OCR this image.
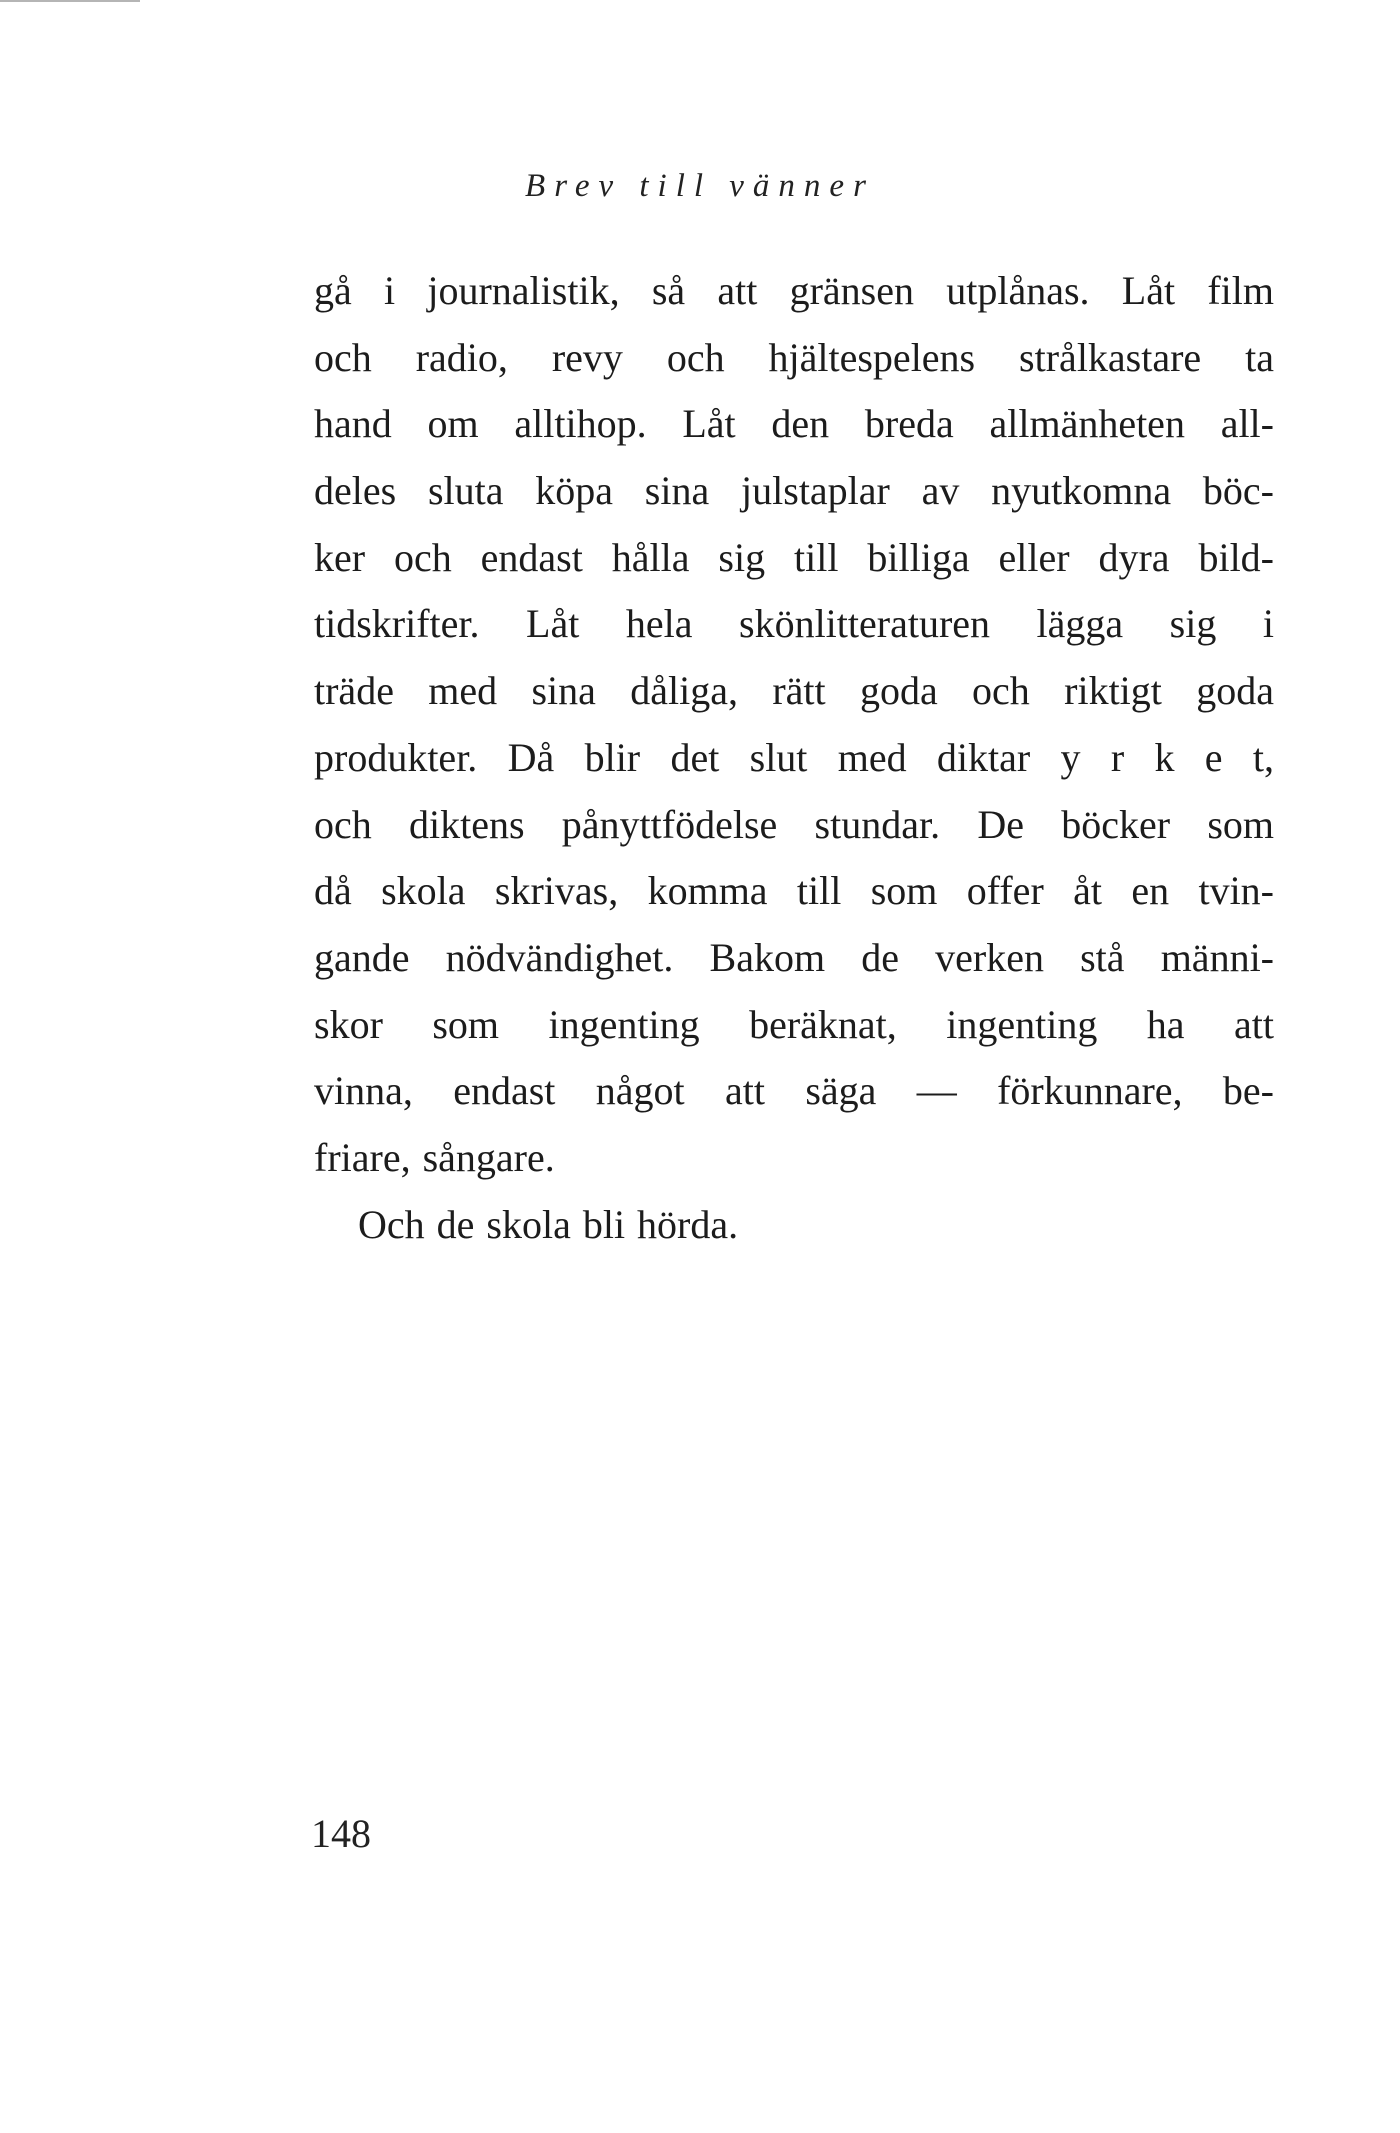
Brev till vänner
gå i journalistik, så att gränsen utplånas. Låt film
och radio, revy och hjältespelens strålkastare ta
hand om alltihop. Låt den breda allmänheten all-
deles sluta köpa sina julstaplar av nyutkomna böc-
ker och endast hålla sig till billiga eller dyra bild-
tidskrifter. Låt hela skönlitteraturen lägga sig i
träde med sina dåliga, rätt goda och riktigt goda
produkter. Då blir det slut med diktar y r k e t,
och diktens pånyttfödelse stundar. De böcker som
då skola skrivas, komma till som offer åt en tvin-
gande nödvändighet. Bakom de verken stå männi-
skor som ingenting beräknat, ingenting ha att
vinna, endast något att säga — förkunnare, be-
friare, sångare.
Och de skola bli hörda.
148
